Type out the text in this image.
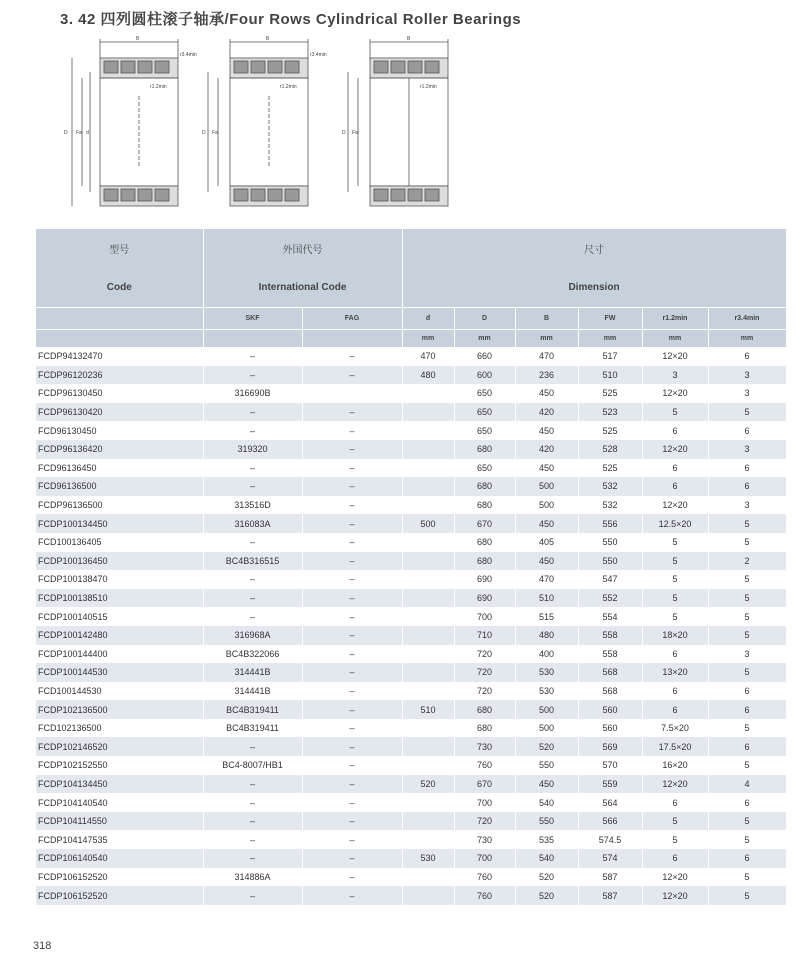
3. 42 四列圆柱滚子轴承/Four Rows Cylindrical Roller Bearings
B	B	B
r1.2min	r1.2min	r1.2min
r3.4min	r3.4min
D Fw d	D Fw	D Fw
型号	外国代号		尺寸					
Code	International Code		Dimension					
	SKF	FAG	d	D	B	FW	r1.2min	r3.4min
			mm	mm	mm	mm	mm	mm
FCDP94132470	–	–	470	660	470	517	12×20	6
FCDP96120236	–	–	480	600	236	510	3	3
FCDP96130450	316690B			650	450	525	12×20	3
FCDP96130420	–	–		650	420	523	5	5
FCD96130450	–	–		650	450	525	6	6
FCDP96136420	319320	–		680	420	528	12×20	3
FCD96136450	–	–		650	450	525	6	6
FCD96136500	–	–		680	500	532	6	6
FCDP96136500	313516D	–		680	500	532	12×20	3
FCDP100134450	316083A	–	500	670	450	556	12.5×20	5
FCD100136405	–	–		680	405	550	5	5
FCDP100136450	BC4B316515	–		680	450	550	5	2
FCDP100138470	–	–		690	470	547	5	5
FCDP100138510	–	–		690	510	552	5	5
FCDP100140515	–	–		700	515	554	5	5
FCDP100142480	316968A	–		710	480	558	18×20	5
FCDP100144400	BC4B322066	–		720	400	558	6	3
FCDP100144530	314441B	–		720	530	568	13×20	5
FCD100144530	314441B	–		720	530	568	6	6
FCDP102136500	BC4B319411	–	510	680	500	560	6	6
FCD102136500	BC4B319411	–		680	500	560	7.5×20	5
FCDP102146520	–	–		730	520	569	17.5×20	6
FCDP102152550	BC4-8007/HB1	–		760	550	570	16×20	5
FCDP104134450	–	–	520	670	450	559	12×20	4
FCDP104140540	–	–		700	540	564	6	6
FCDP104114550	–	–		720	550	566	5	5
FCDP104147535	–	–		730	535	574.5	5	5
FCDP106140540	–	–	530	700	540	574	6	6
FCDP106152520	314886A	–		760	520	587	12×20	5
FCDP106152520	–	–		760	520	587	12×20	5
318
